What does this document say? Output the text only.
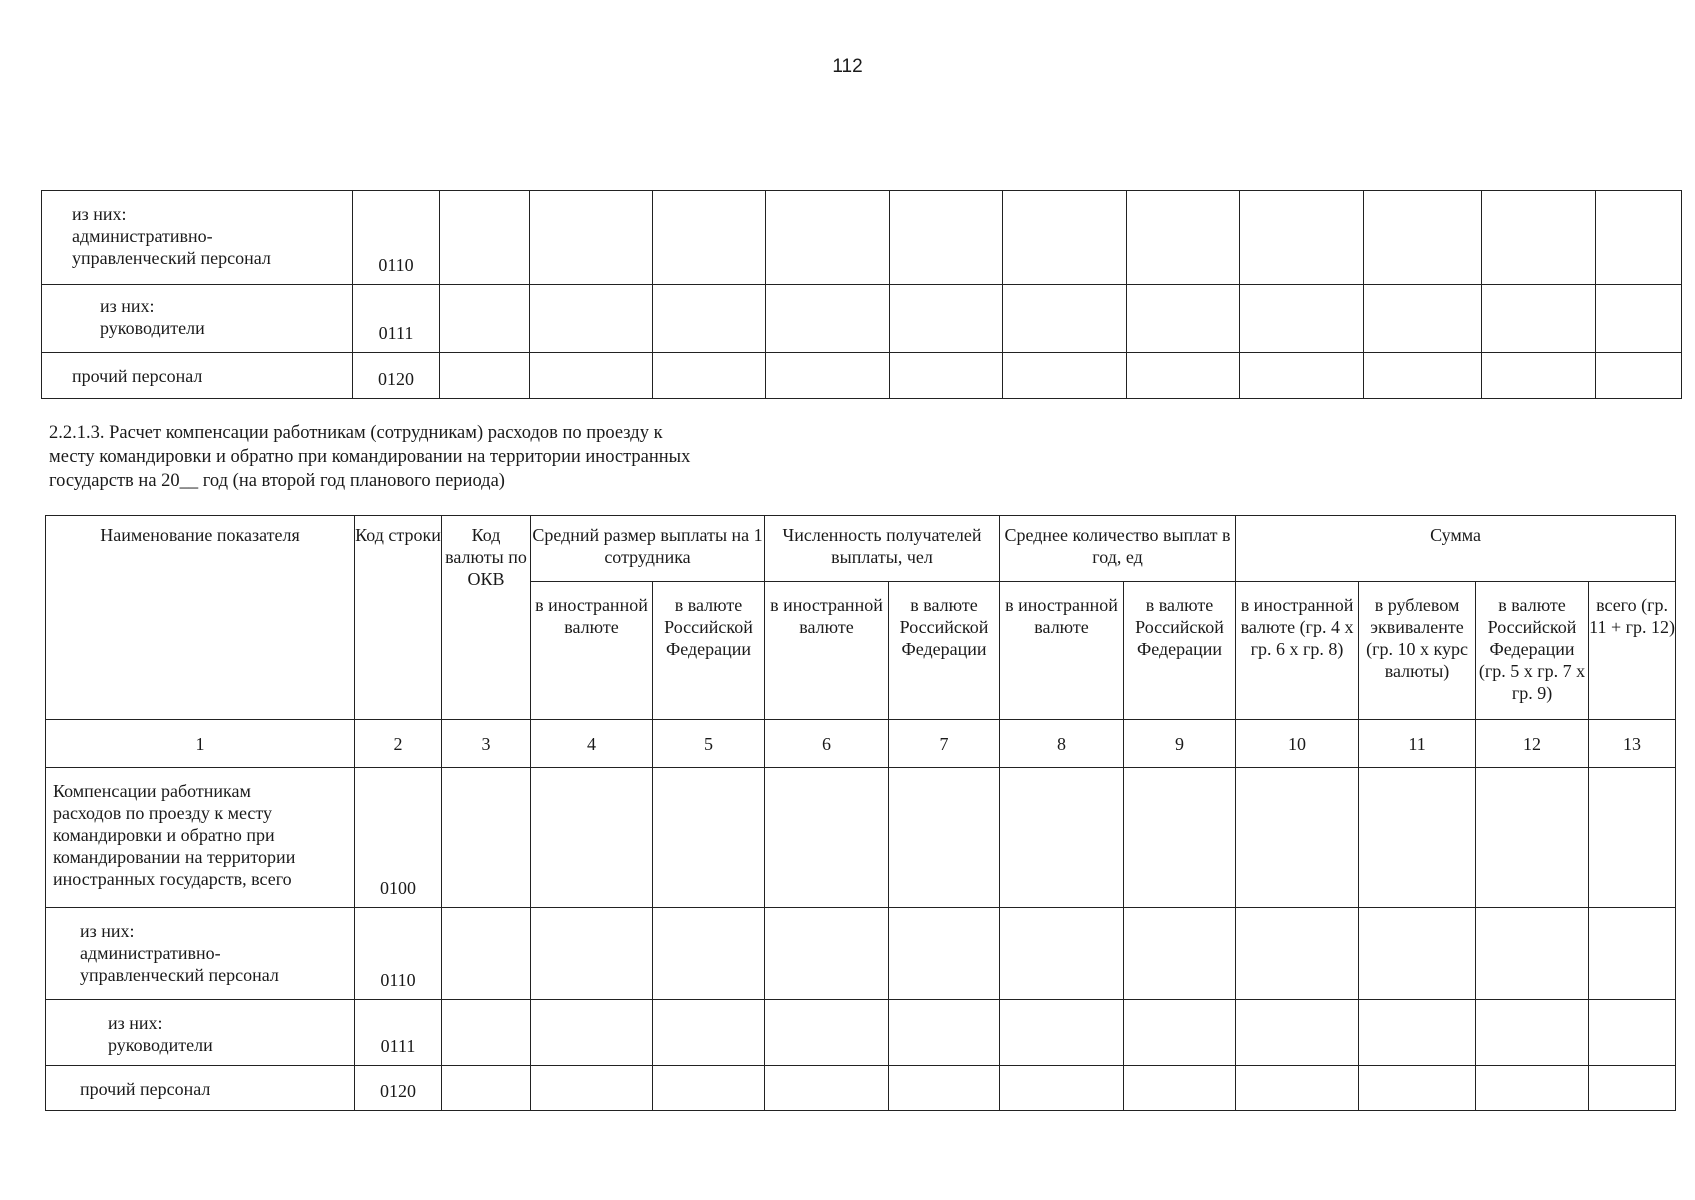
112
из них:
административно-
управленческий персонал	0110											

из них:
руководители	0111											

прочий персонал	0120											
2.2.1.3. Расчет компенсации работникам (сотрудникам) расходов по проезду к
месту командировки и обратно при командировании на территории иностранных
государств на 20__ год (на второй год планового периода)
Наименование показателя	Код строки	Код валюты по ОКВ	Средний размер выплаты на 1 сотрудника		Численность получателей выплаты, чел		Среднее количество выплат в год, ед		Сумма			
			в иностранной валюте	в валюте Российской Федерации	в иностранной валюте	в валюте Российской Федерации	в иностранной валюте	в валюте Российской Федерации	в иностранной валюте (гр. 4 х гр. 6 х гр. 8)	в рублевом эквиваленте (гр. 10 х курс валюты)	в валюте Российской Федерации (гр. 5 х гр. 7 х гр. 9)	всего (гр. 11 + гр. 12)
1	2	3	4	5	6	7	8	9	10	11	12	13

Компенсации работникам
расходов по проезду к месту
командировки и обратно при
командировании на территории
иностранных государств, всего	0100											

из них:
административно-
управленческий персонал	0110											

из них:
руководители	0111											

прочий персонал	0120											
